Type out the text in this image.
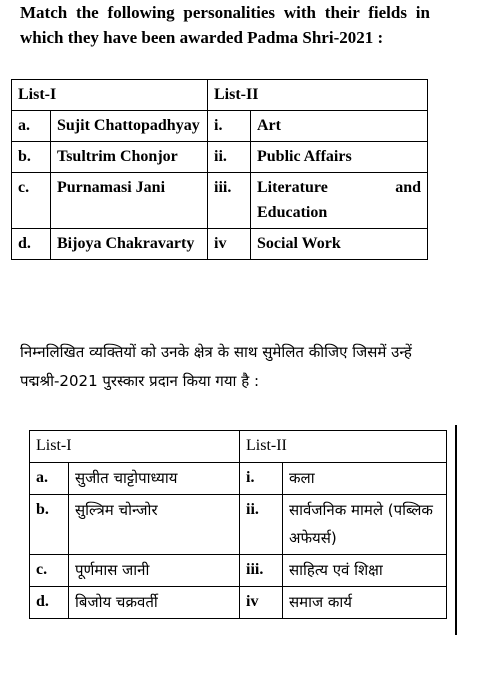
Match the following personalities with their fields in which they have been awarded Padma Shri-2021 :
List-I		List-II	
a.	Sujit Chattopadhyay	i.	Art
b.	Tsultrim Chonjor	ii.	Public Affairs
c.	Purnamasi Jani	iii.	Literature and Education
d.	Bijoya Chakravarty	iv	Social Work
निम्नलिखित व्यक्तियों को उनके क्षेत्र के साथ सुमेलित कीजिए जिसमें उन्हें पद्मश्री-2021 पुरस्कार प्रदान किया गया है :
List-I		List-II	
a.	सुजीत चाट्टोपाध्याय	i.	कला
b.	सुल्त्रिम चोन्जोर	ii.	सार्वजनिक मामले (पब्लिक अफेयर्स)
c.	पूर्णमास जानी	iii.	साहित्य एवं शिक्षा
d.	बिजोय चक्रवर्ती	iv	समाज कार्य
